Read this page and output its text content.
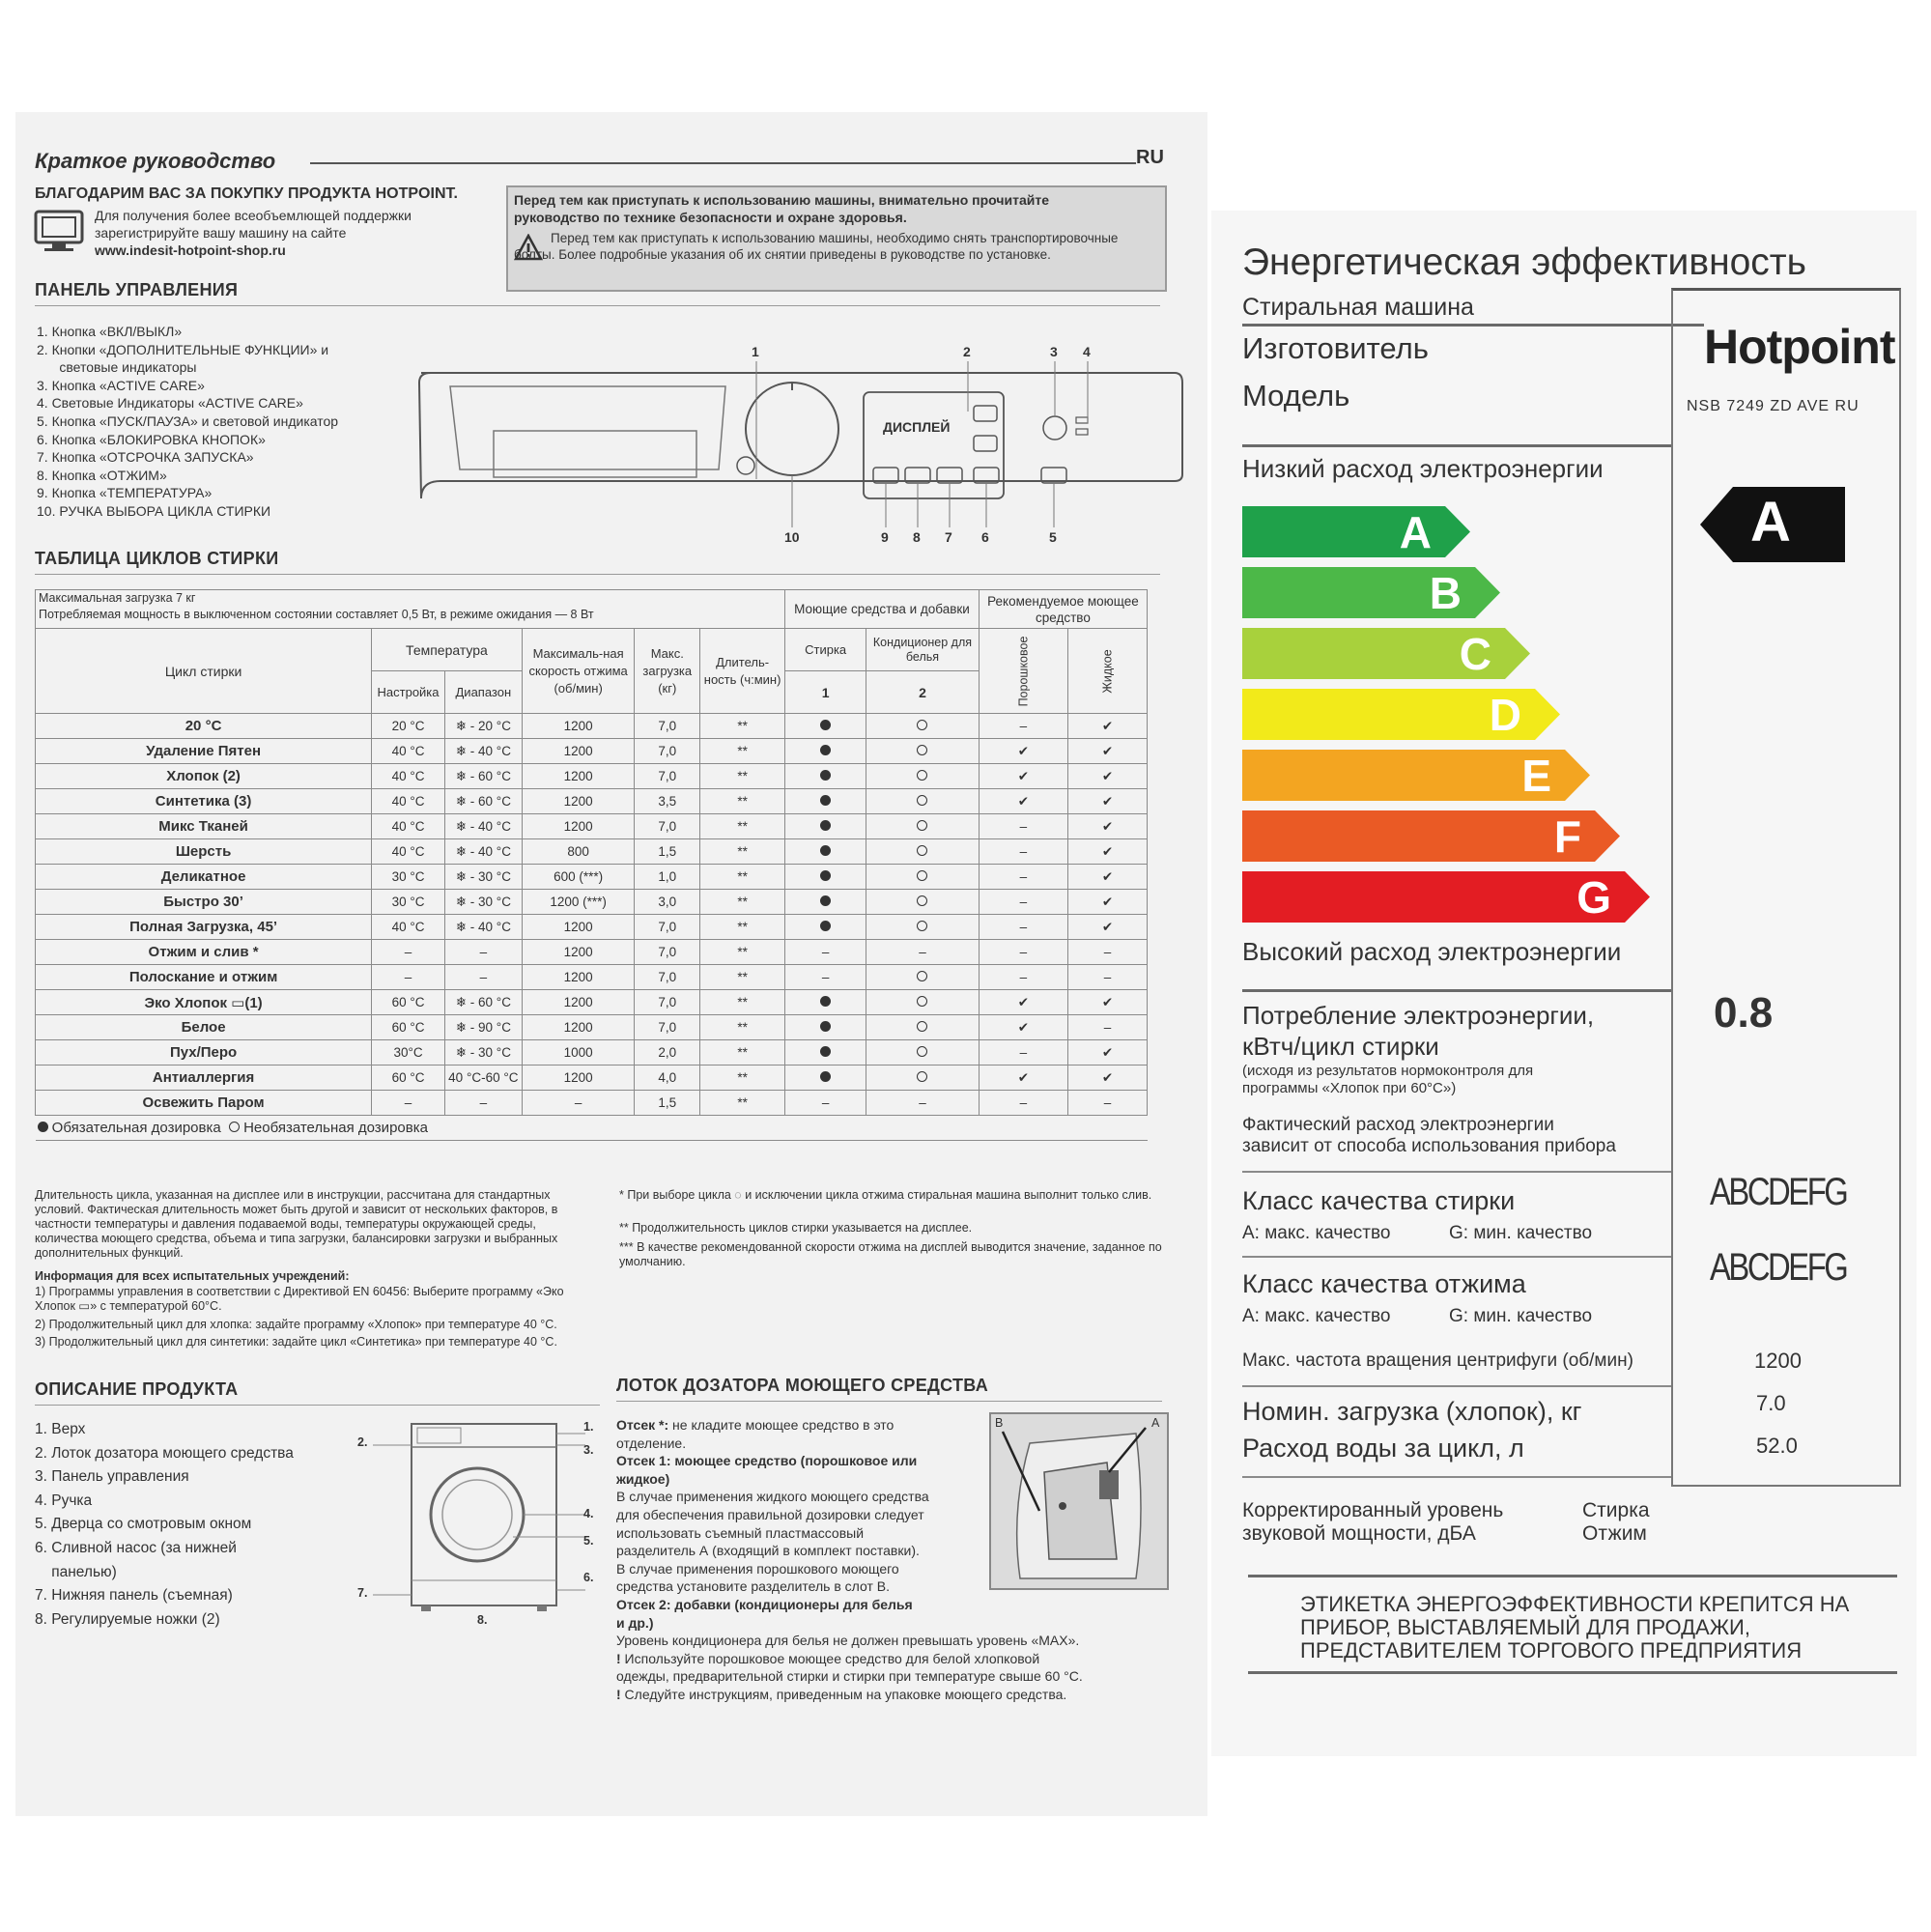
Краткое руководство	RU
БЛАГОДАРИМ ВАС ЗА ПОКУПКУ ПРОДУКТА HOTPOINT.
Для получения более всеобъемлющей поддержки
зарегистрируйте вашу машину на сайте
www.indesit-hotpoint-shop.ru
Перед тем как приступать к использованию машины, внимательно прочитайте руководство по технике безопасности и охране здоровья.
Перед тем как приступать к использованию машины, необходимо снять транспортировочные болты. Более подробные указания об их снятии приведены в руководстве по установке.
ПАНЕЛЬ УПРАВЛЕНИЯ
1. Кнопка «ВКЛ/ВЫКЛ»
2. Кнопки «ДОПОЛНИТЕЛЬНЫЕ ФУНКЦИИ» и
световые индикаторы
3. Кнопка «ACTIVE CARE»
4. Световые Индикаторы «ACTIVE CARE»
5. Кнопка «ПУСК/ПАУЗА» и световой индикатор
6. Кнопка «БЛОКИРОВКА КНОПОК»
7. Кнопка «ОТСРОЧКА ЗАПУСКА»
8. Кнопка «ОТЖИМ»
9. Кнопка «ТЕМПЕРАТУРА»
10. РУЧКА ВЫБОРА ЦИКЛА СТИРКИ
ДИСПЛЕЙ
1	2	3 4
10	9 8 7 6	5
ТАБЛИЦА ЦИКЛОВ СТИРКИ
Максимальная загрузка 7 кг
Потребляемая мощность в выключенном состоянии составляет 0,5 Вт, в режиме ожидания — 8 Вт						Моющие средства и добавки		Рекомендуемое моющее средство	
Цикл стирки	Температура		Максималь-ная скорость отжима (об/мин)	Макс. загрузка (кг)	Длитель-ность (ч:мин)	Стирка	Кондиционер для белья	Порошковое	Жидкое

	Настройка	Диапазон				1	2		
20 °C	20 °C	❄ - 20 °C	1200	7,0	**			–	✔
Удаление Пятен	40 °C	❄ - 40 °C	1200	7,0	**			✔	✔
Хлопок (2)	40 °C	❄ - 60 °C	1200	7,0	**			✔	✔
Синтетика (3)	40 °C	❄ - 60 °C	1200	3,5	**			✔	✔
Микс Тканей	40 °C	❄ - 40 °C	1200	7,0	**			–	✔
Шерсть	40 °C	❄ - 40 °C	800	1,5	**			–	✔
Деликатное	30 °C	❄ - 30 °C	600 (***)	1,0	**			–	✔
Быстро 30’	30 °C	❄ - 30 °C	1200 (***)	3,0	**			–	✔
Полная Загрузка, 45’	40 °C	❄ - 40 °C	1200	7,0	**			–	✔
Отжим и слив *	–	–	1200	7,0	**	–	–	–	–
Полоскание и отжим	–	–	1200	7,0	**	–		–	–
Эко Хлопок ▭(1)	60 °C	❄ - 60 °C	1200	7,0	**			✔	✔
Белое	60 °C	❄ - 90 °C	1200	7,0	**			✔	–
Пух/Перо	30°C	❄ - 30 °C	1000	2,0	**			–	✔
Антиаллергия	60 °C	40 °C-60 °C	1200	4,0	**			✔	✔
Освежить Паром	–	–	–	1,5	**	–	–	–	–
Обязательная дозировка Необязательная дозировка									
Длительность цикла, указанная на дисплее или в инструкции, рассчитана для стандартных условий. Фактическая длительность может быть другой и зависит от нескольких факторов, в частности температуры и давления подаваемой воды, температуры окружающей среды, количества моющего средства, объема и типа загрузки, балансировки загрузки и выбранных дополнительных функций.
* При выборе цикла ◌ и исключении цикла отжима стиральная машина выполнит только слив.
** Продолжительность циклов стирки указывается на дисплее.
*** В качестве рекомендованной скорости отжима на дисплей выводится значение, заданное по умолчанию.
Информация для всех испытательных учреждений:
1) Программы управления в соответствии с Директивой EN 60456: Выберите программу «Эко Хлопок ▭» с температурой 60°C.
2) Продолжительный цикл для хлопка: задайте программу «Хлопок» при температуре 40 °C.
3) Продолжительный цикл для синтетики: задайте цикл «Синтетика» при температуре 40 °C.
ОПИСАНИЕ ПРОДУКТА
1. Верх
2. Лоток дозатора моющего средства
3. Панель управления
4. Ручка
5. Дверца со смотровым окном
6. Сливной насос (за нижней
панелью)
7. Нижняя панель (съемная)
8. Регулируемые ножки (2)
1.
2.
3.
4.
5.
6.
7.
8.
ЛОТОК ДОЗАТОРА МОЮЩЕГО СРЕДСТВА
Отсек *: не кладите моющее средство в это
отделение.
Отсек 1: моющее средство (порошковое или
жидкое)
В случае применения жидкого моющего средства
для обеспечения правильной дозировки следует
использовать съемный пластмассовый
разделитель А (входящий в комплект поставки).
В случае применения порошкового моющего
средства установите разделитель в слот В.
Отсек 2: добавки (кондиционеры для белья
и др.)
Уровень кондиционера для белья не должен превышать уровень «MAX».
! Используйте порошковое моющее средство для белой хлопковой
одежды, предварительной стирки и стирки при температуре свыше 60 °C.
! Следуйте инструкциям, приведенным на упаковке моющего средства.
B	A
Энергетическая эффективность
Стиральная машина
Изготовитель
Модель
Hotpoint
NSB 7249 ZD AVE RU
Низкий расход электроэнергии
A
B
C
D
E
F
G
A
Высокий расход электроэнергии
Потребление электроэнергии,
кВтч/цикл стирки
(исходя из результатов нормоконтроля для
программы «Хлопок при 60°C»)
0.8
Фактический расход электроэнергии
зависит от способа использования прибора
Класс качества стирки
A: макс. качество	G: мин. качество
ABCDEFG
Класс качества отжима
A: макс. качество	G: мин. качество
ABCDEFG
Макс. частота вращения центрифуги (об/мин)	1200
Номин. загрузка (хлопок), кг	7.0
Расход воды за цикл, л	52.0
Корректированный уровень
звуковой мощности, дБА
Стирка
Отжим
ЭТИКЕТКА ЭНЕРГОЭФФЕКТИВНОСТИ КРЕПИТСЯ НА
ПРИБОР, ВЫСТАВЛЯЕМЫЙ ДЛЯ ПРОДАЖИ,
ПРЕДСТАВИТЕЛЕМ ТОРГОВОГО ПРЕДПРИЯТИЯ
